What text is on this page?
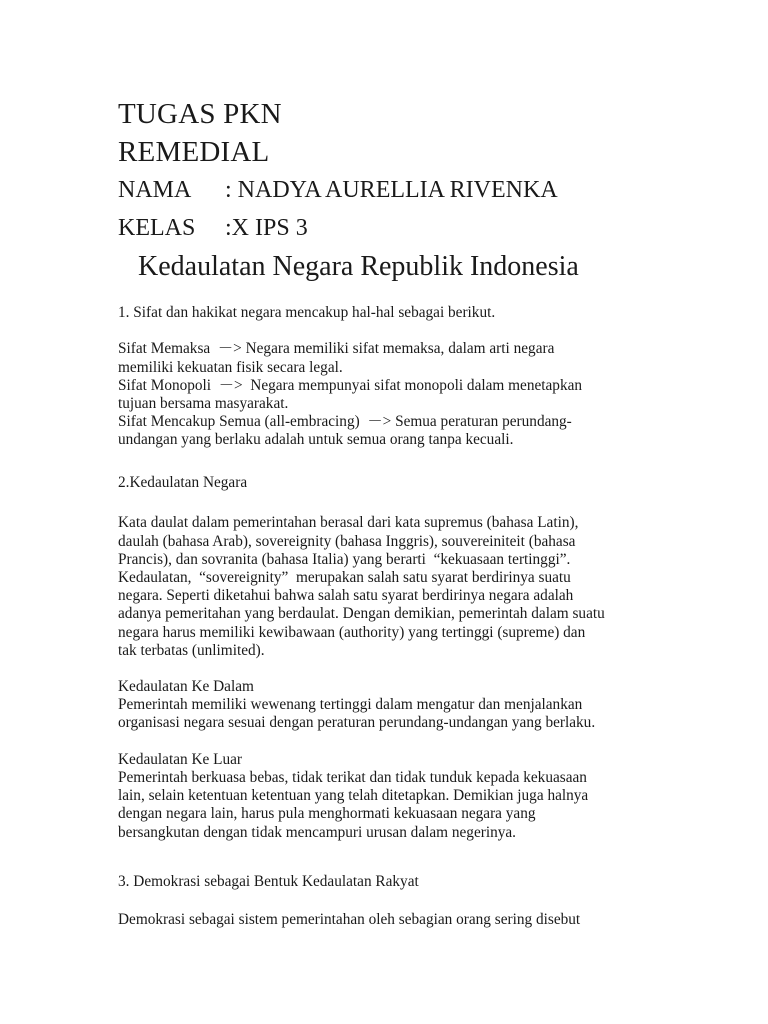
TUGAS PKN
REMEDIAL
NAMA : NADYA AURELLIA RIVENKA
KELAS :X IPS 3
Kedaulatan Negara Republik Indonesia
1. Sifat dan hakikat negara mencakup hal-hal sebagai berikut.
Sifat Memaksa  －> Negara memiliki sifat memaksa, dalam arti negara
memiliki kekuatan fisik secara legal.
Sifat Monopoli  －>  Negara mempunyai sifat monopoli dalam menetapkan
tujuan bersama masyarakat.
Sifat Mencakup Semua (all-embracing)  －> Semua peraturan perundang-
undangan yang berlaku adalah untuk semua orang tanpa kecuali.
2.Kedaulatan Negara
Kata daulat dalam pemerintahan berasal dari kata supremus (bahasa Latin),
daulah (bahasa Arab), sovereignity (bahasa Inggris), souvereiniteit (bahasa
Prancis), dan sovranita (bahasa Italia) yang berarti  “kekuasaan tertinggi”.
Kedaulatan,  “sovereignity”  merupakan salah satu syarat berdirinya suatu
negara. Seperti diketahui bahwa salah satu syarat berdirinya negara adalah
adanya pemeritahan yang berdaulat. Dengan demikian, pemerintah dalam suatu
negara harus memiliki kewibawaan (authority) yang tertinggi (supreme) dan
tak terbatas (unlimited).
Kedaulatan Ke Dalam
Pemerintah memiliki wewenang tertinggi dalam mengatur dan menjalankan
organisasi negara sesuai dengan peraturan perundang-undangan yang berlaku.
Kedaulatan Ke Luar
Pemerintah berkuasa bebas, tidak terikat dan tidak tunduk kepada kekuasaan
lain, selain ketentuan ketentuan yang telah ditetapkan. Demikian juga halnya
dengan negara lain, harus pula menghormati kekuasaan negara yang
bersangkutan dengan tidak mencampuri urusan dalam negerinya.
3. Demokrasi sebagai Bentuk Kedaulatan Rakyat
Demokrasi sebagai sistem pemerintahan oleh sebagian orang sering disebut
